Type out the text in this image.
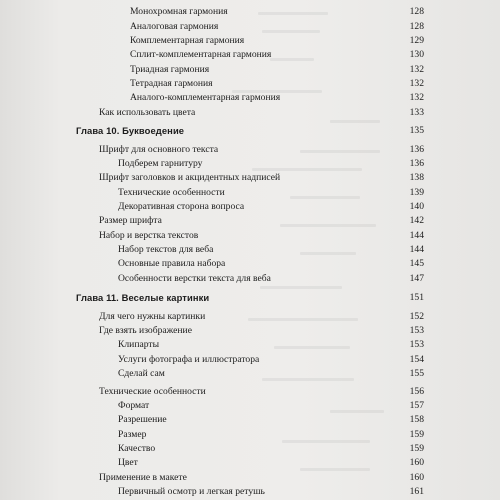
Монохромная гармония	128
Аналоговая гармония	128
Комплементарная гармония	129
Сплит-комплементарная гармония	130
Триадная гармония	132
Тетрадная гармония	132
Аналого-комплементарная гармония	132
Как использовать цвета	133
Глава 10. Буквоедение	135
Шрифт для основного текста	136
Подберем гарнитуру	136
Шрифт заголовков и акцидентных надписей	138
Технические особенности	139
Декоративная сторона вопроса	140
Размер шрифта	142
Набор и верстка текстов	144
Набор текстов для веба	144
Основные правила набора	145
Особенности верстки текста для веба	147
Глава 11. Веселые картинки	151
Для чего нужны картинки	152
Где взять изображение	153
Клипарты	153
Услуги фотографа и иллюстратора	154
Сделай сам	155
Технические особенности	156
Формат	157
Разрешение	158
Размер	159
Качество	159
Цвет	160
Применение в макете	160
Первичный осмотр и легкая ретушь	161
